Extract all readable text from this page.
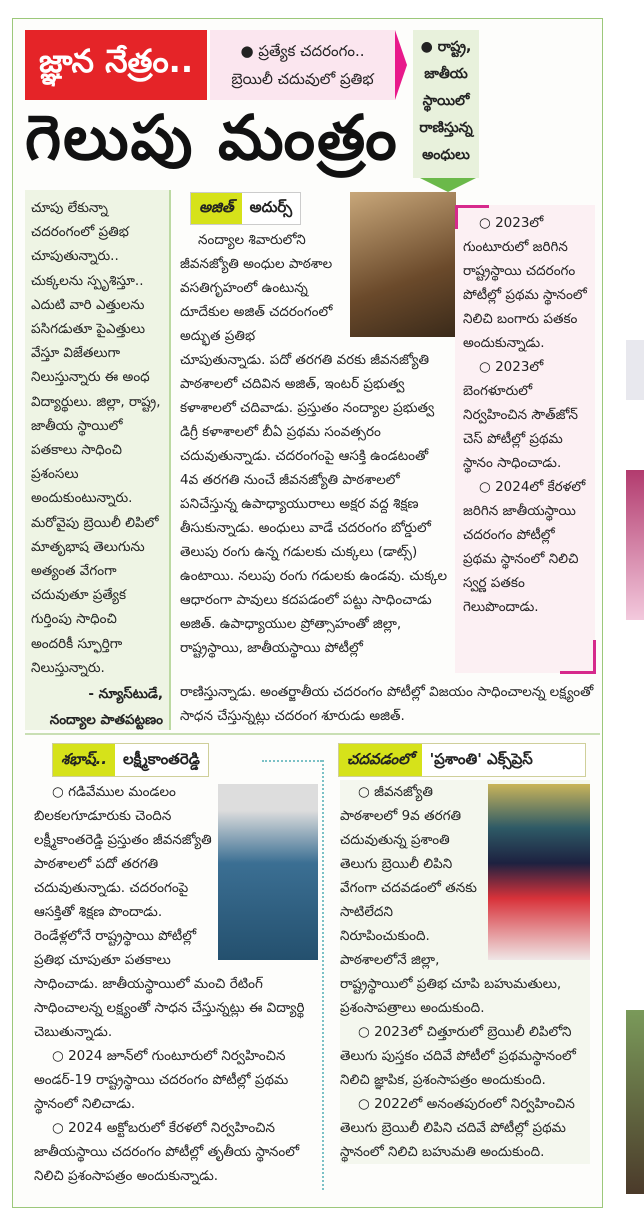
జ్ఞాన నేత్రం..	● ప్రత్యేక చదరంగం..
బ్రెయిలీ చదువులో ప్రతిభ
గెలుపు మంత్రం
● రాష్ట్ర,
జాతీయ
స్థాయిలో
రాణిస్తున్న
అంధులు

చూపు లేకున్నా చదరంగంలో ప్రతిభ చూపుతున్నారు.. చుక్కలను స్పృశిస్తూ.. ఎదుటి వారి ఎత్తులను పసిగడుతూ పైఎత్తులు వేస్తూ విజేతలుగా నిలుస్తున్నారు ఈ అంధ విద్యార్థులు. జిల్లా, రాష్ట్ర, జాతీయ స్థాయిలో పతకాలు సాధించి ప్రశంసలు అందుకుంటున్నారు. మరోవైపు బ్రెయిలీ లిపిలో మాతృభాష తెలుగును అత్యంత వేగంగా చదువుతూ ప్రత్యేక గుర్తింపు సాధించి అందరికీ స్ఫూర్తిగా నిలుస్తున్నారు.

- న్యూస్‌టుడే,
నంద్యాల పాతపట్టణం
అజిత్	అదుర్స్

నంద్యాల శివారులోని జీవనజ్యోతి అంధుల పాఠశాల వసతిగృహంలో ఉంటున్న దూదేకుల అజిత్ చదరంగంలో అద్భుత ప్రతిభ చూపుతున్నాడు. పదో తరగతి వరకు జీవనజ్యోతి పాఠశాలలో చదివిన అజిత్, ఇంటర్ ప్రభుత్వ కళాశాలలో చదివాడు. ప్రస్తుతం నంద్యాల ప్రభుత్వ డిగ్రీ కళాశాలలో బీఏ ప్రథమ సంవత్సరం చదువుతున్నాడు. చదరంగంపై ఆసక్తి ఉండటంతో 4వ తరగతి నుంచే జీవనజ్యోతి పాఠశాలలో పనిచేస్తున్న ఉపాధ్యాయురాలు అక్షర వద్ద శిక్షణ తీసుకున్నాడు. అంధులు వాడే చదరంగం బోర్డులో తెలుపు రంగు ఉన్న గడులకు చుక్కలు (డాట్స్) ఉంటాయి. నలుపు రంగు గడులకు ఉండవు. చుక్కల ఆధారంగా పావులు కదపడంలో పట్టు సాధించాడు అజిత్. ఉపాధ్యాయుల ప్రోత్సాహంతో జిల్లా, రాష్ట్రస్థాయి, జాతీయస్థాయి పోటీల్లో

రాణిస్తున్నాడు. అంతర్జాతీయ చదరంగం పోటీల్లో విజయం సాధించాలన్న లక్ష్యంతో సాధన చేస్తున్నట్లు చదరంగ శూరుడు అజిత్.

○ 2023లో గుంటూరులో జరిగిన రాష్ట్రస్థాయి చదరంగం పోటీల్లో ప్రథమ స్థానంలో నిలిచి బంగారు పతకం అందుకున్నాడు.

○ 2023లో బెంగళూరులో నిర్వహించిన సౌత్‌జోన్ చెస్ పోటీల్లో ప్రథమ స్థానం సాధించాడు.

○ 2024లో కేరళలో జరిగిన జాతీయస్థాయి చదరంగం పోటీల్లో ప్రథమ స్థానంలో నిలిచి స్వర్ణ పతకం గెలుపొందాడు.

శభాష్..	లక్ష్మీకాంతరెడ్డి

○ గడివేముల మండలం బిలకలగూడూరుకు చెందిన లక్ష్మీకాంతరెడ్డి ప్రస్తుతం జీవనజ్యోతి పాఠశాలలో పదో తరగతి చదువుతున్నాడు. చదరంగంపై ఆసక్తితో శిక్షణ పొందాడు. రెండేళ్లలోనే రాష్ట్రస్థాయి పోటీల్లో ప్రతిభ చూపుతూ పతకాలు సాధించాడు. జాతీయస్థాయిలో మంచి రేటింగ్ సాధించాలన్న లక్ష్యంతో సాధన చేస్తున్నట్లు ఈ విద్యార్థి చెబుతున్నాడు.

○ 2024 జూన్‌లో గుంటూరులో నిర్వహించిన అండర్-19 రాష్ట్రస్థాయి చదరంగం పోటీల్లో ప్రథమ స్థానంలో నిలిచాడు.

○ 2024 అక్టోబరులో కేరళలో నిర్వహించిన జాతీయస్థాయి చదరంగం పోటీల్లో తృతీయ స్థానంలో నిలిచి ప్రశంసాపత్రం అందుకున్నాడు.

చదవడంలో	'ప్రశాంతి' ఎక్స్‌ప్రెస్

○ జీవనజ్యోతి పాఠశాలలో 9వ తరగతి చదువుతున్న ప్రశాంతి తెలుగు బ్రెయిలీ లిపిని వేగంగా చదవడంలో తనకు సాటిలేదని నిరూపించుకుంది. పాఠశాలలోనే జిల్లా, రాష్ట్రస్థాయిలో ప్రతిభ చూపి బహుమతులు, ప్రశంసాపత్రాలు అందుకుంది.

○ 2023లో చిత్తూరులో బ్రెయిలీ లిపిలోని తెలుగు పుస్తకం చదివే పోటీలో ప్రథమస్థానంలో నిలిచి జ్ఞాపిక, ప్రశంసాపత్రం అందుకుంది.

○ 2022లో అనంతపురంలో నిర్వహించిన తెలుగు బ్రెయిలీ లిపిని చదివే పోటీల్లో ప్రథమ స్థానంలో నిలిచి బహుమతి అందుకుంది.
